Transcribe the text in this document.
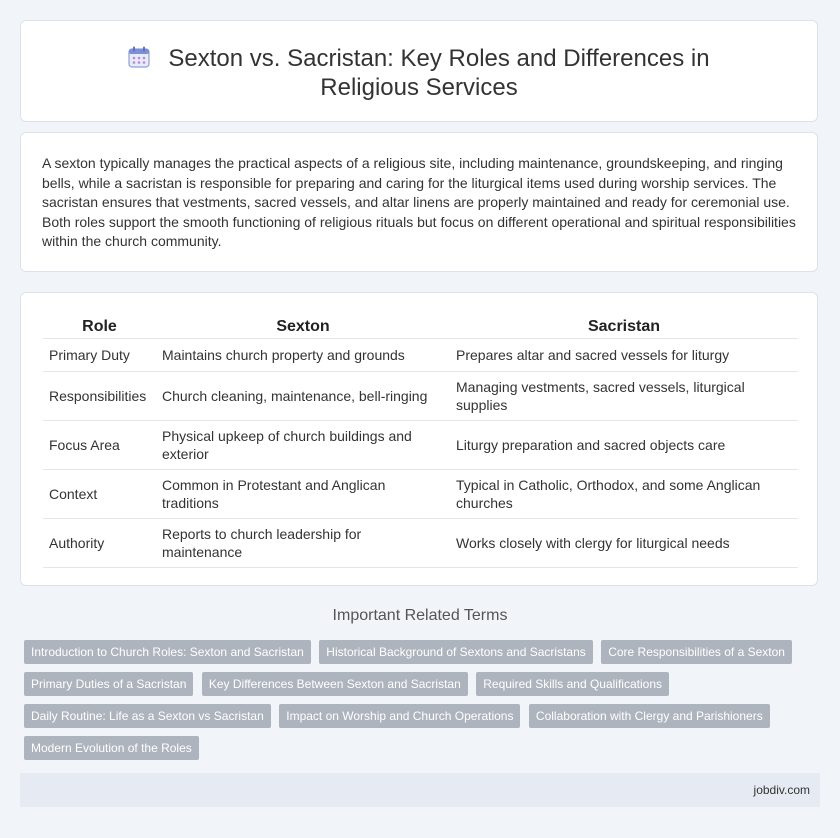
Sexton vs. Sacristan: Key Roles and Differences in Religious Services
A sexton typically manages the practical aspects of a religious site, including maintenance, groundskeeping, and ringing bells, while a sacristan is responsible for preparing and caring for the liturgical items used during worship services. The sacristan ensures that vestments, sacred vessels, and altar linens are properly maintained and ready for ceremonial use. Both roles support the smooth functioning of religious rituals but focus on different operational and spiritual responsibilities within the church community.
Role	Sexton	Sacristan
Primary Duty	Maintains church property and grounds	Prepares altar and sacred vessels for liturgy
Responsibilities	Church cleaning, maintenance, bell-ringing	Managing vestments, sacred vessels, liturgical supplies
Focus Area	Physical upkeep of church buildings and exterior	Liturgy preparation and sacred objects care
Context	Common in Protestant and Anglican traditions	Typical in Catholic, Orthodox, and some Anglican churches
Authority	Reports to church leadership for maintenance	Works closely with clergy for liturgical needs
Important Related Terms
Introduction to Church Roles: Sexton and Sacristan Historical Background of Sextons and Sacristans Core Responsibilities of a Sexton Primary Duties of a Sacristan Key Differences Between Sexton and Sacristan Required Skills and Qualifications Daily Routine: Life as a Sexton vs Sacristan Impact on Worship and Church Operations Collaboration with Clergy and Parishioners Modern Evolution of the Roles
jobdiv.com
